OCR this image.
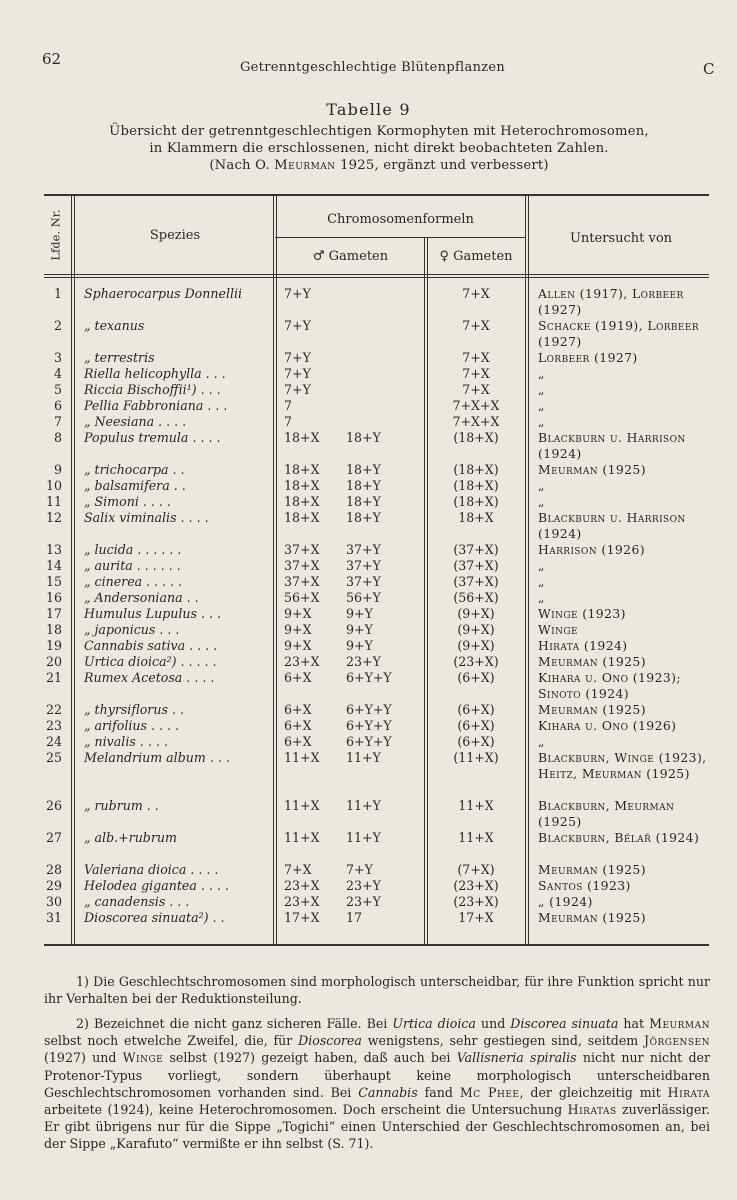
62	Getrenntgeschlechtige Blütenpflanzen	C
Tabelle 9
Übersicht der getrenntgeschlechtigen Kormophyten mit Heterochromosomen,
in Klammern die erschlossenen, nicht direkt beobachteten Zahlen.
(Nach O. Meurman 1925, ergänzt und verbessert)
Lfde. Nr.	Spezies
Chromosomenformeln
♂ Gameten	♀ Gameten
Untersucht von
1 Sphaerocarpus Donnellii	7+Y	7+X	Allen (1917), Lorbeer (1927)
2 „ texanus	7+Y	7+X	Schacke (1919), Lorbeer (1927)
3 „ terrestris	7+Y	7+X	Lorbeer (1927)
4 Riella helicophylla . . .	7+Y	7+X	„
5 Riccia Bischoffii¹) . . .	7+Y	7+X	„
6 Pellia Fabbroniana . . .	7	7+X+X	„
7 „ Neesiana . . . .	7	7+X+X	„
8 Populus tremula . . . .	18+X	18+Y	(18+X)	Blackburn u. Harrison (1924)
9 „ trichocarpa . .	18+X	18+Y	(18+X)	Meurman (1925)
10 „ balsamifera . .	18+X	18+Y	(18+X)	„
11 „ Simoni . . . .	18+X	18+Y	(18+X)	„
12 Salix viminalis . . . .	18+X	18+Y	18+X	Blackburn u. Harrison (1924)
13 „ lucida . . . . . .	37+X	37+Y	(37+X)	Harrison (1926)
14 „ aurita . . . . . .	37+X	37+Y	(37+X)	„
15 „ cinerea . . . . .	37+X	37+Y	(37+X)	„
16 „ Andersoniana . .	56+X	56+Y	(56+X)	„
17 Humulus Lupulus . . .	9+X	9+Y	(9+X)	Winge (1923)
18 „ japonicus . . .	9+X	9+Y	(9+X)	Winge
19 Cannabis sativa . . . .	9+X	9+Y	(9+X)	Hirata (1924)
20 Urtica dioica²) . . . . .	23+X	23+Y	(23+X)	Meurman (1925)
21 Rumex Acetosa . . . .	6+X	6+Y+Y	(6+X)	Kihara u. Ono (1923); Sinoto (1924)
22 „ thyrsiflorus . .	6+X	6+Y+Y	(6+X)	Meurman (1925)
23 „ arifolius . . . .	6+X	6+Y+Y	(6+X)	Kihara u. Ono (1926)
24 „ nivalis . . . .	6+X	6+Y+Y	(6+X)	„
25 Melandrium album . . .	11+X	11+Y	(11+X)	Blackburn, Winge (1923), Heitz, Meurman (1925)
26 „ rubrum . .	11+X	11+Y	11+X	Blackburn, Meurman (1925)
27 „ alb.+rubrum	11+X	11+Y	11+X	Blackburn, Bělař (1924)
28 Valeriana dioica . . . .	7+X	7+Y	(7+X)	Meurman (1925)
29 Helodea gigantea . . . .	23+X	23+Y	(23+X)	Santos (1923)
30 „ canadensis . . .	23+X	23+Y	(23+X)	„ (1924)
31 Dioscorea sinuata²) . .	17+X	17	17+X	Meurman (1925)

1) Die Geschlechtschromosomen sind morphologisch unterscheidbar, für ihre Funktion spricht nur ihr Verhalten bei der Reduktionsteilung.

2) Bezeichnet die nicht ganz sicheren Fälle. Bei Urtica dioica und Discorea sinuata hat Meurman selbst noch etwelche Zweifel, die, für Dioscorea wenigstens, sehr gestiegen sind, seitdem Jörgensen (1927) und Winge selbst (1927) gezeigt haben, daß auch bei Vallisneria spiralis nicht nur nicht der Protenor-Typus vorliegt, sondern überhaupt keine morphologisch unterscheidbaren Geschlechtschromosomen vorhanden sind. Bei Cannabis fand Mc Phee, der gleichzeitig mit Hirata arbeitete (1924), keine Heterochromosomen. Doch erscheint die Untersuchung Hiratas zuverlässiger. Er gibt übrigens nur für die Sippe „Togichi“ einen Unterschied der Geschlechtschromosomen an, bei der Sippe „Karafuto“ vermißte er ihn selbst (S. 71).
